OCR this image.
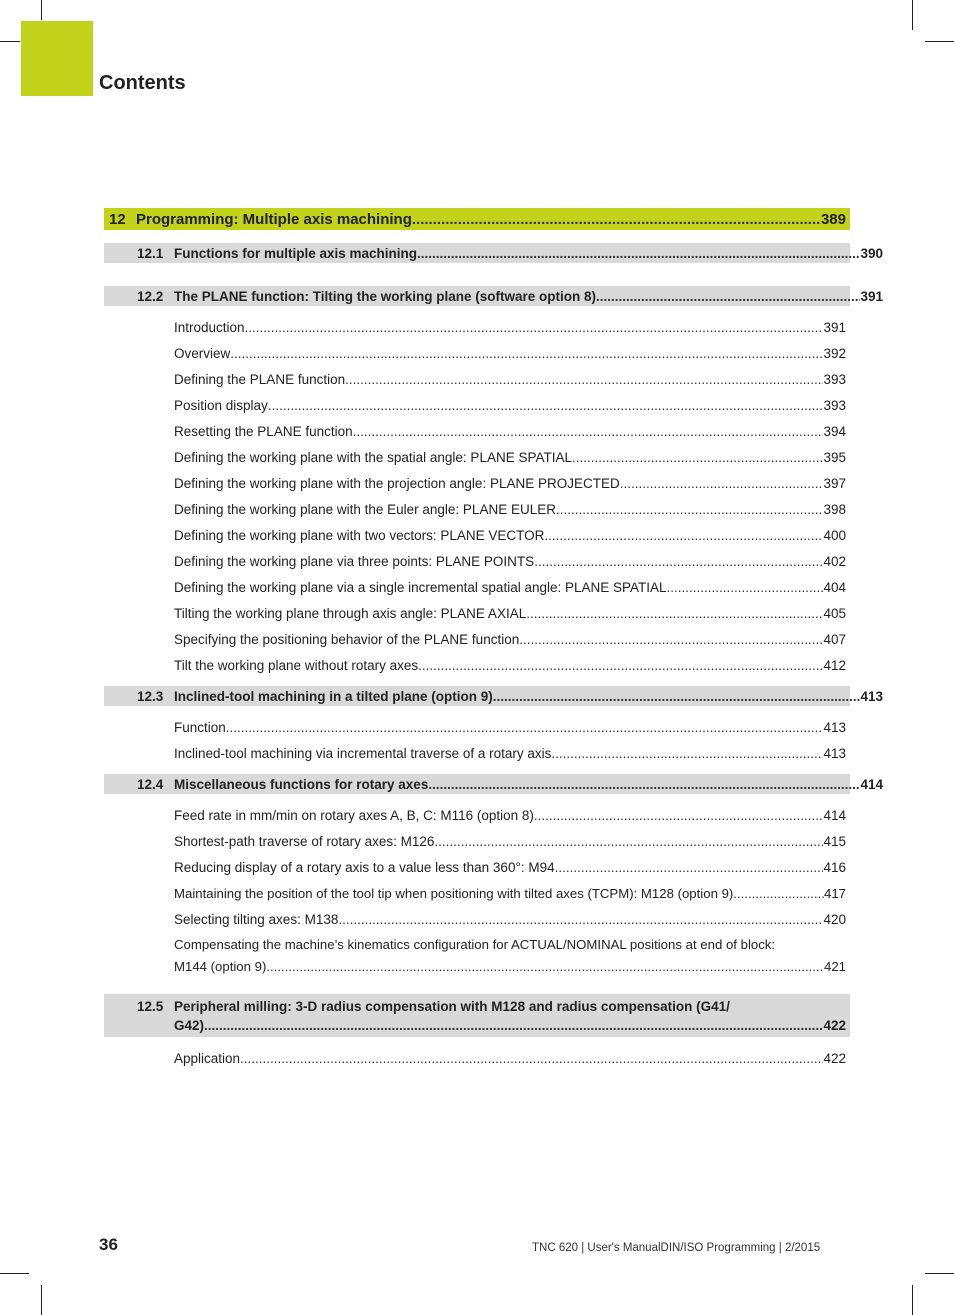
Contents
12 Programming: Multiple axis machining .....	389
12.1 Functions for multiple axis machining .....	390
12.2 The PLANE function: Tilting the working plane (software option 8) .....	391
Introduction .....	391
Overview .....	392
Defining the PLANE function .....	393
Position display .....	393
Resetting the PLANE function .....	394
Defining the working plane with the spatial angle: PLANE SPATIAL .....	395
Defining the working plane with the projection angle: PLANE PROJECTED .....	397
Defining the working plane with the Euler angle: PLANE EULER .....	398
Defining the working plane with two vectors: PLANE VECTOR .....	400
Defining the working plane via three points: PLANE POINTS .....	402
Defining the working plane via a single incremental spatial angle: PLANE SPATIAL .....	404
Tilting the working plane through axis angle: PLANE AXIAL .....	405
Specifying the positioning behavior of the PLANE function .....	407
Tilt the working plane without rotary axes .....	412
12.3 Inclined-tool machining in a tilted plane (option 9) .....	413
Function .....	413
Inclined-tool machining via incremental traverse of a rotary axis .....	413
12.4 Miscellaneous functions for rotary axes .....	414
Feed rate in mm/min on rotary axes A, B, C: M116 (option 8) .....	414
Shortest-path traverse of rotary axes: M126 .....	415
Reducing display of a rotary axis to a value less than 360°: M94 .....	416
Maintaining the position of the tool tip when positioning with tilted axes (TCPM): M128 (option 9) .....	417
Selecting tilting axes: M138 .....	420
Compensating the machine’s kinematics configuration for ACTUAL/NOMINAL positions at end of block:
M144 (option 9) .....	421
12.5 Peripheral milling: 3-D radius compensation with M128 and radius compensation (G41/
G42) .....	422
Application .....	422
36	TNC 620 | User's ManualDIN/ISO Programming | 2/2015
